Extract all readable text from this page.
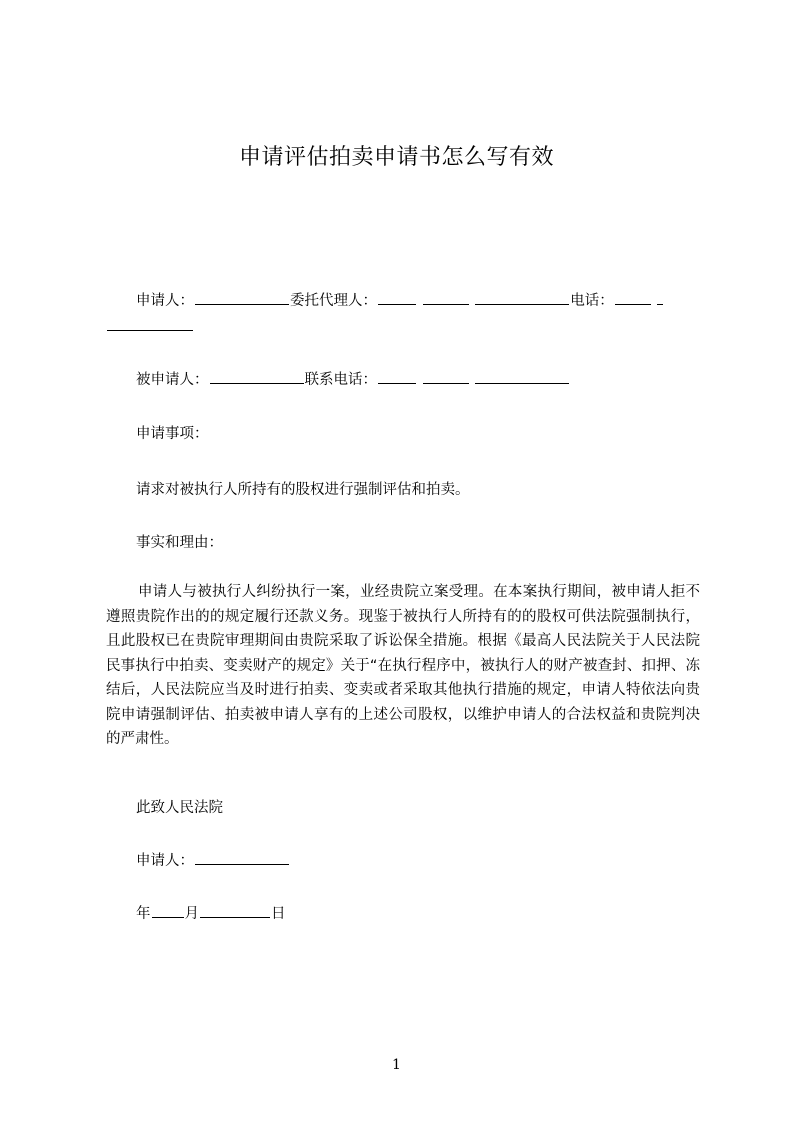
申请评估拍卖申请书怎么写有效
申请人：	委托代理人：	电话：
被申请人：	联系电话：
申请事项：
请求对被执行人所持有的股权进行强制评估和拍卖。
事实和理由：
申请人与被执行人纠纷执行一案，业经贵院立案受理。在本案执行期间，被申请人拒不遵照贵院作出的的规定履行还款义务。现鉴于被执行人所持有的的股权可供法院强制执行，且此股权已在贵院审理期间由贵院采取了诉讼保全措施。根据《最高人民法院关于人民法院民事执行中拍卖、变卖财产的规定》关于“在执行程序中，被执行人的财产被查封、扣押、冻结后，人民法院应当及时进行拍卖、变卖或者采取其他执行措施的规定，申请人特依法向贵院申请强制评估、拍卖被申请人享有的上述公司股权，以维护申请人的合法权益和贵院判决的严肃性。
此致人民法院
申请人：
年 月	日
1
